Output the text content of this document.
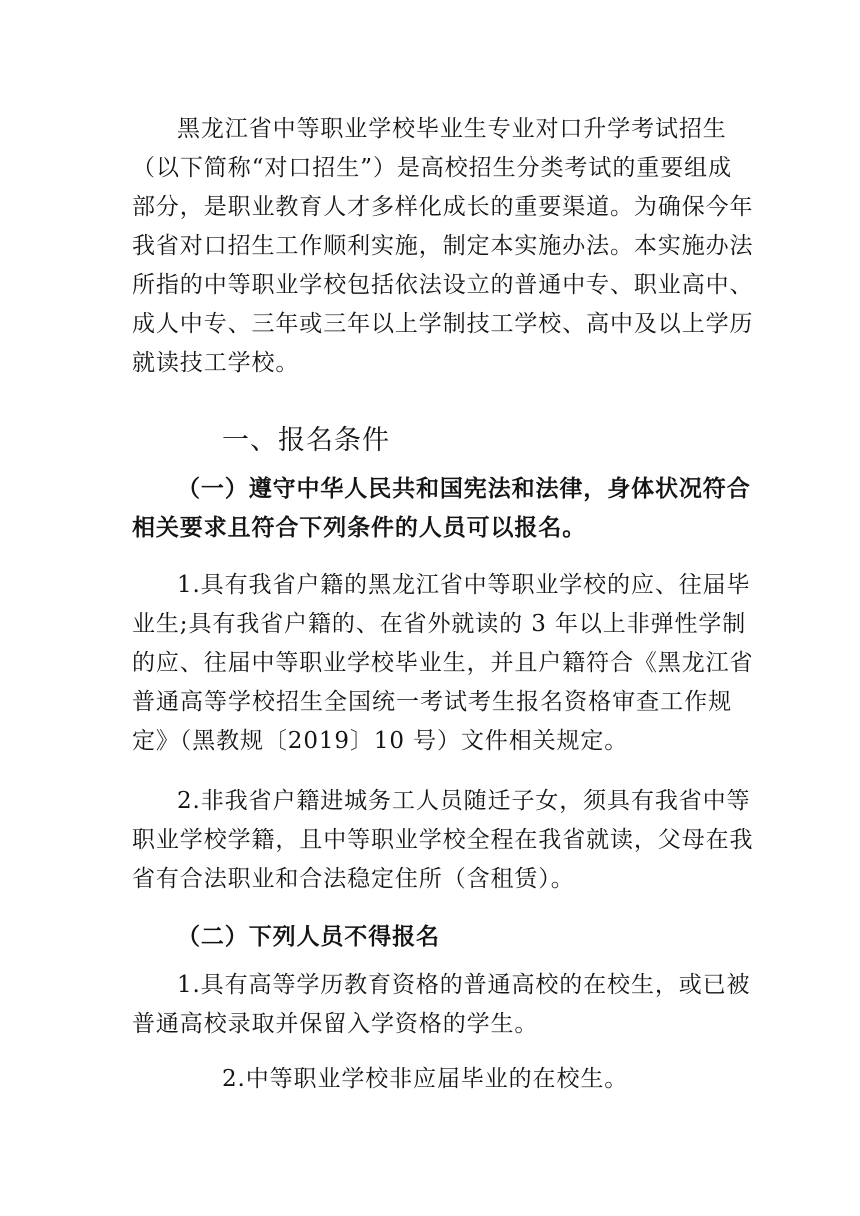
黑龙江省中等职业学校毕业生专业对口升学考试招生
（以下简称“对口招生”）是高校招生分类考试的重要组成
部分，是职业教育人才多样化成长的重要渠道。为确保今年
我省对口招生工作顺利实施，制定本实施办法。本实施办法
所指的中等职业学校包括依法设立的普通中专、职业高中、
成人中专、三年或三年以上学制技工学校、高中及以上学历
就读技工学校。
一、报名条件
（一）遵守中华人民共和国宪法和法律，身体状况符合
相关要求且符合下列条件的人员可以报名。
1.具有我省户籍的黑龙江省中等职业学校的应、往届毕
业生;具有我省户籍的、在省外就读的 3 年以上非弹性学制
的应、往届中等职业学校毕业生，并且户籍符合《黑龙江省
普通高等学校招生全国统一考试考生报名资格审查工作规
定》（黑教规〔2019〕10 号）文件相关规定。
2.非我省户籍进城务工人员随迁子女，须具有我省中等
职业学校学籍，且中等职业学校全程在我省就读，父母在我
省有合法职业和合法稳定住所（含租赁）。
（二）下列人员不得报名
1.具有高等学历教育资格的普通高校的在校生，或已被
普通高校录取并保留入学资格的学生。
2.中等职业学校非应届毕业的在校生。
